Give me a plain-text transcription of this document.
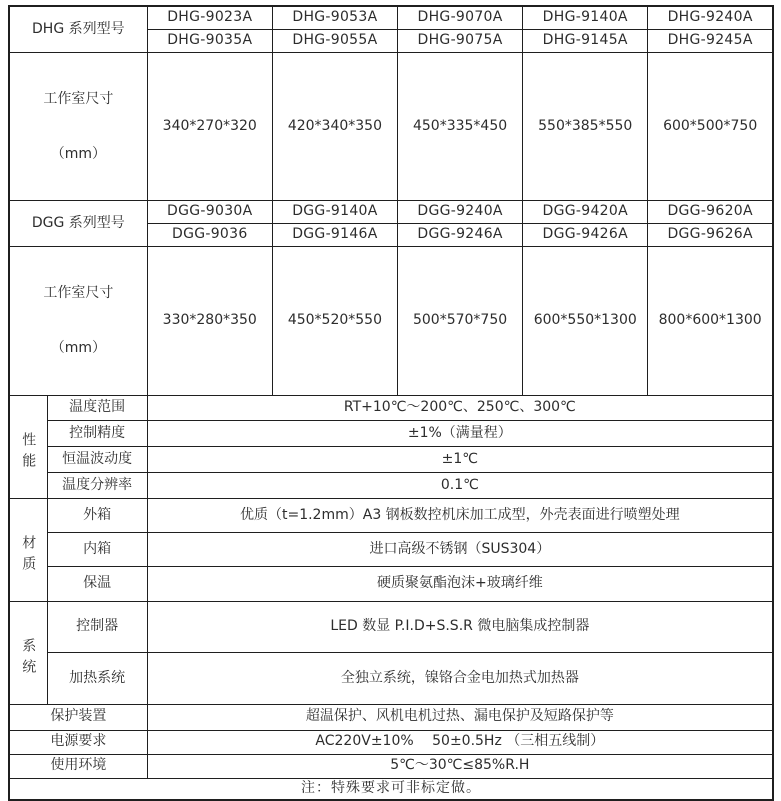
DHG 系列型号		DHG-9023A	DHG-9053A	DHG-9070A	DHG-9140A	DHG-9240A
		DHG-9035A	DHG-9055A	DHG-9075A	DHG-9145A	DHG-9245A

工作室尺寸

（mm）		340*270*320	420*340*350	450*335*450	550*385*550	600*500*750
DGG 系列型号		DGG-9030A	DGG-9140A	DGG-9240A	DGG-9420A	DGG-9620A
		DGG-9036	DGG-9146A	DGG-9246A	DGG-9426A	DGG-9626A

工作室尺寸

（mm）		330*280*350	450*520*550	500*570*750	600*550*1300	800*600*1300

性能	温度范围	RT+10℃～200℃、250℃、300℃				
	控制精度	±1%（满量程）				
	恒温波动度	±1℃				
	温度分辨率	0.1℃				

材质	外箱	优质（t=1.2mm）A3 钢板数控机床加工成型，外壳表面进行喷塑处理				
	内箱	进口高级不锈钢（SUS304）				
	保温	硬质聚氨酯泡沫+玻璃纤维				

系统	控制器	LED 数显 P.I.D+S.S.R 微电脑集成控制器				
	加热系统	全独立系统，镍铬合金电加热式加热器				
保护装置		超温保护、风机电机过热、漏电保护及短路保护等				
电源要求		AC220V±10%　 50±0.5Hz （三相五线制）				
使用环境		5℃～30℃≤85%R.H				
注：特殊要求可非标定做。						
